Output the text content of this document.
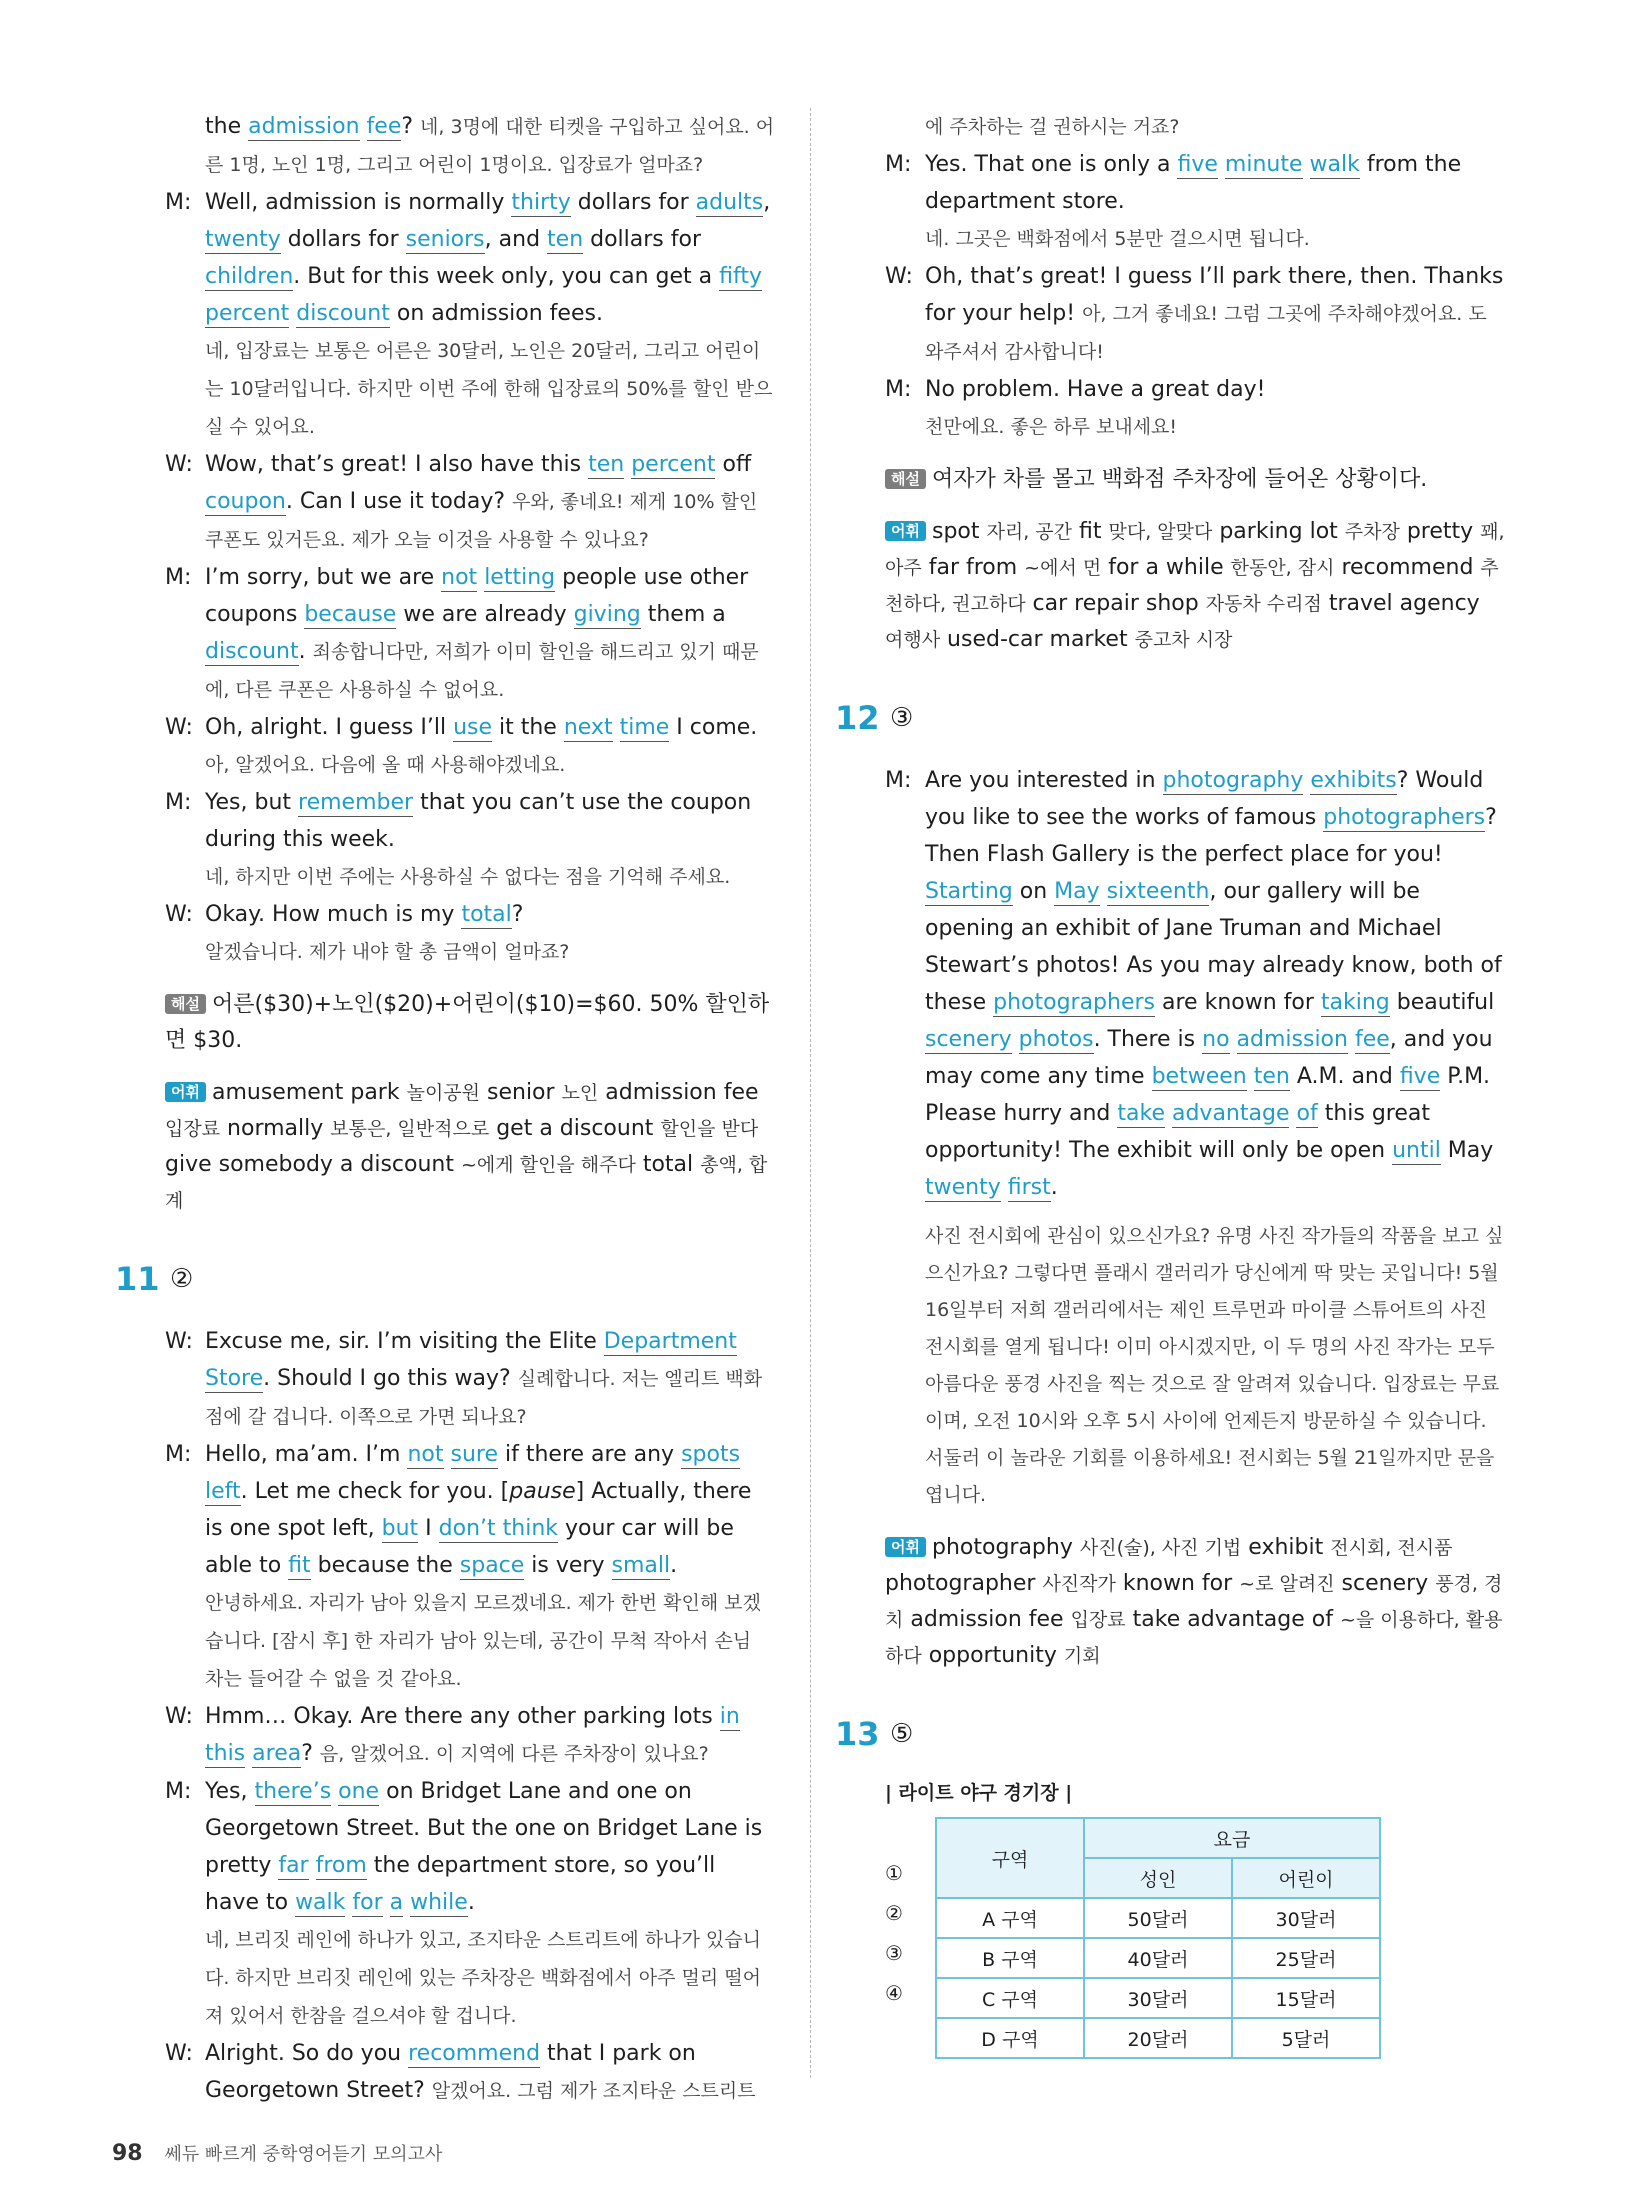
the admission fee? 네, 3명에 대한 티켓을 구입하고 싶어요. 어른 1명, 노인 1명, 그리고 어린이 1명이요. 입장료가 얼마죠?
M: Well, admission is normally thirty dollars for adults, twenty dollars for seniors, and ten dollars for children. But for this week only, you can get a fifty percent discount on admission fees.
네, 입장료는 보통은 어른은 30달러, 노인은 20달러, 그리고 어린이는 10달러입니다. 하지만 이번 주에 한해 입장료의 50%를 할인 받으실 수 있어요.
W: Wow, that’s great! I also have this ten percent off coupon. Can I use it today? 우와, 좋네요! 제게 10% 할인 쿠폰도 있거든요. 제가 오늘 이것을 사용할 수 있나요?
M: I’m sorry, but we are not letting people use other coupons because we are already giving them a discount. 죄송합니다만, 저희가 이미 할인을 해드리고 있기 때문에, 다른 쿠폰은 사용하실 수 없어요.
W: Oh, alright. I guess I’ll use it the next time I come.
아, 알겠어요. 다음에 올 때 사용해야겠네요.
M: Yes, but remember that you can’t use the coupon during this week.
네, 하지만 이번 주에는 사용하실 수 없다는 점을 기억해 주세요.
W: Okay. How much is my total?
알겠습니다. 제가 내야 할 총 금액이 얼마죠?
해설 어른($30)+노인($20)+어린이($10)=$60. 50% 할인하면 $30.
어휘 amusement park 놀이공원 senior 노인 admission fee 입장료 normally 보통은, 일반적으로 get a discount 할인을 받다 give somebody a discount ~에게 할인을 해주다 total 총액, 합계
11 ②
W: Excuse me, sir. I’m visiting the Elite Department Store. Should I go this way? 실례합니다. 저는 엘리트 백화점에 갈 겁니다. 이쪽으로 가면 되나요?
M: Hello, ma’am. I’m not sure if there are any spots left. Let me check for you. [pause] Actually, there is one spot left, but I don’t think your car will be able to fit because the space is very small.
안녕하세요. 자리가 남아 있을지 모르겠네요. 제가 한번 확인해 보겠습니다. [잠시 후] 한 자리가 남아 있는데, 공간이 무척 작아서 손님 차는 들어갈 수 없을 것 같아요.
W: Hmm… Okay. Are there any other parking lots in this area? 음, 알겠어요. 이 지역에 다른 주차장이 있나요?
M: Yes, there’s one on Bridget Lane and one on Georgetown Street. But the one on Bridget Lane is pretty far from the department store, so you’ll have to walk for a while.
네, 브리짓 레인에 하나가 있고, 조지타운 스트리트에 하나가 있습니다. 하지만 브리짓 레인에 있는 주차장은 백화점에서 아주 멀리 떨어져 있어서 한참을 걸으셔야 할 겁니다.
W: Alright. So do you recommend that I park on Georgetown Street? 알겠어요. 그럼 제가 조지타운 스트리트
에 주차하는 걸 권하시는 거죠?
M: Yes. That one is only a five minute walk from the department store.
네. 그곳은 백화점에서 5분만 걸으시면 됩니다.
W: Oh, that’s great! I guess I’ll park there, then. Thanks for your help! 아, 그거 좋네요! 그럼 그곳에 주차해야겠어요. 도와주셔서 감사합니다!
M: No problem. Have a great day!
천만에요. 좋은 하루 보내세요!
해설 여자가 차를 몰고 백화점 주차장에 들어온 상황이다.
어휘 spot 자리, 공간 fit 맞다, 알맞다 parking lot 주차장 pretty 꽤, 아주 far from ~에서 먼 for a while 한동안, 잠시 recommend 추천하다, 권고하다 car repair shop 자동차 수리점 travel agency 여행사 used-car market 중고차 시장
12 ③
M: Are you interested in photography exhibits? Would you like to see the works of famous photographers? Then Flash Gallery is the perfect place for you! Starting on May sixteenth, our gallery will be opening an exhibit of Jane Truman and Michael Stewart’s photos! As you may already know, both of these photographers are known for taking beautiful scenery photos. There is no admission fee, and you may come any time between ten A.M. and five P.M. Please hurry and take advantage of this great opportunity! The exhibit will only be open until May twenty first.
사진 전시회에 관심이 있으신가요? 유명 사진 작가들의 작품을 보고 싶으신가요? 그렇다면 플래시 갤러리가 당신에게 딱 맞는 곳입니다! 5월 16일부터 저희 갤러리에서는 제인 트루먼과 마이클 스튜어트의 사진 전시회를 열게 됩니다! 이미 아시겠지만, 이 두 명의 사진 작가는 모두 아름다운 풍경 사진을 찍는 것으로 잘 알려져 있습니다. 입장료는 무료이며, 오전 10시와 오후 5시 사이에 언제든지 방문하실 수 있습니다. 서둘러 이 놀라운 기회를 이용하세요! 전시회는 5월 21일까지만 문을 엽니다.
어휘 photography 사진(술), 사진 기법 exhibit 전시회, 전시품 photographer 사진작가 known for ~로 알려진 scenery 풍경, 경치 admission fee 입장료 take advantage of ~을 이용하다, 활용하다 opportunity 기회
13 ⑤
| 라이트 야구 경기장 |
①
②
③
④
구역	요금	
	성인	어린이
A 구역	50달러	30달러
B 구역	40달러	25달러
C 구역	30달러	15달러
D 구역	20달러	5달러
98 쎄듀 빠르게 중학영어듣기 모의고사
